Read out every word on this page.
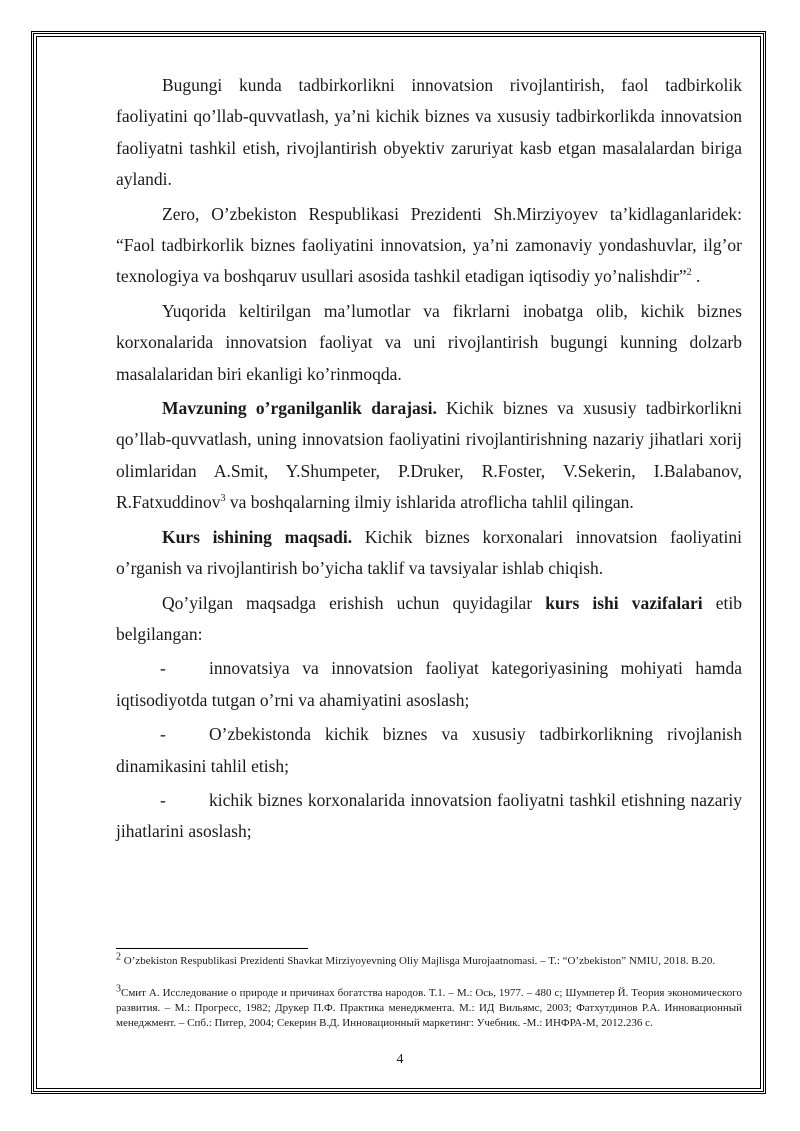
Bugungi kunda tadbirkorlikni innovatsion rivojlantirish, faol tadbirkolik faoliyatini qo’llab-quvvatlash, ya’ni kichik biznes va xususiy tadbirkorlikda innovatsion faoliyatni tashkil etish, rivojlantirish obyektiv zaruriyat kasb etgan masalalardan biriga aylandi.

Zero, O’zbekiston Respublikasi Prezidenti Sh.Mirziyoyev ta’kidlaganlaridek: “Faol tadbirkorlik biznes faoliyatini innovatsion, ya’ni zamonaviy yondashuvlar, ilg’or texnologiya va boshqaruv usullari asosida tashkil etadigan iqtisodiy yo’nalishdir”$^2$ .

Yuqorida keltirilgan ma’lumotlar va fikrlarni inobatga olib, kichik biznes korxonalarida innovatsion faoliyat va uni rivojlantirish bugungi kunning dolzarb masalalaridan biri ekanligi ko’rinmoqda.

Mavzuning o’rganilganlik darajasi. Kichik biznes va xususiy tadbirkorlikni qo’llab-quvvatlash, uning innovatsion faoliyatini rivojlantirishning nazariy jihatlari xorij olimlaridan A.Smit, Y.Shumpeter, P.Druker, R.Foster, V.Sekerin, I.Balabanov, R.Fatxuddinov$^3$ va boshqalarning ilmiy ishlarida atroflicha tahlil qilingan.

Kurs ishining maqsadi. Kichik biznes korxonalari innovatsion faoliyatini o’rganish va rivojlantirish bo’yicha taklif va tavsiyalar ishlab chiqish.

Qo’yilgan maqsadga erishish uchun quyidagilar kurs ishi vazifalari etib belgilangan:

- innovatsiya va innovatsion faoliyat kategoriyasining mohiyati hamda iqtisodiyotda tutgan o’rni va ahamiyatini asoslash;

- O’zbekistonda kichik biznes va xususiy tadbirkorlikning rivojlanish dinamikasini tahlil etish;

- kichik biznes korxonalarida innovatsion faoliyatni tashkil etishning nazariy jihatlarini asoslash;

$^2$ O’zbekiston Respublikasi Prezidenti Shavkat Mirziyoyevning Oliy Majlisga Murojaatnomasi. – T.: “O’zbekiston” NMIU, 2018. B.20.
$^3$Смит А. Исследование о природе и причинах богатства народов. Т.1. – М.: Ось, 1977. – 480 с; Шумпетер Й. Теория экономического развития. – М.: Прогресс, 1982; Друкер П.Ф. Практика менеджмента. М.: ИД Вильямс, 2003; Фатхутдинов Р.А. Инновационный менеджмент. – Спб.: Питер, 2004; Секерин В.Д. Инновационный маркетинг: Учебник. -М.: ИНФРА-М, 2012.236 с.
4
